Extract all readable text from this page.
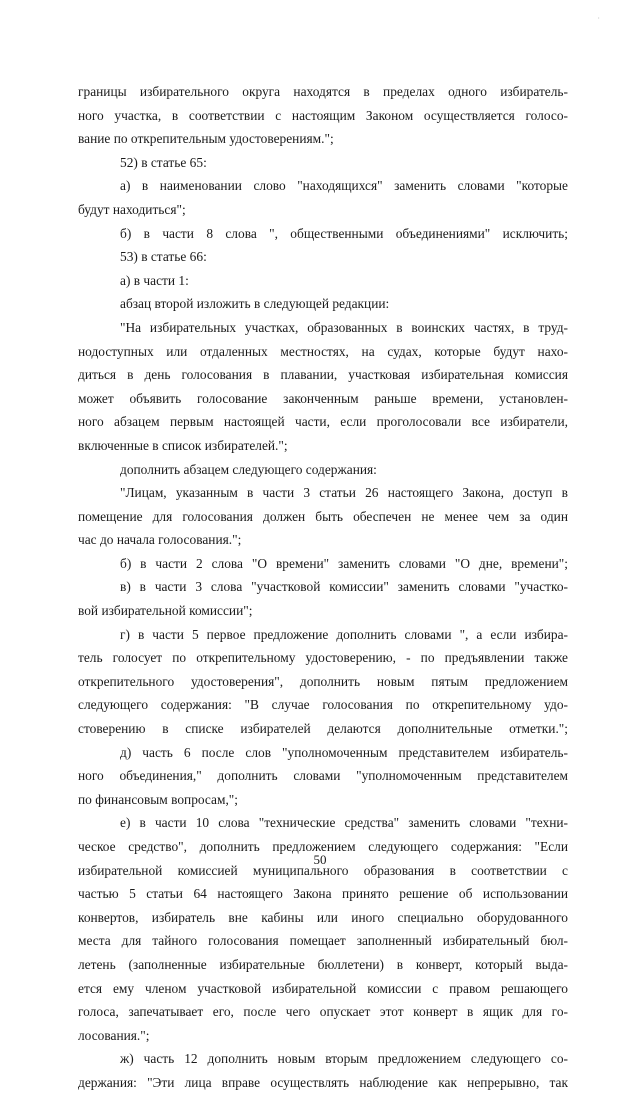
·
границы избирательного округа находятся в пределах одного избиратель-
ного участка, в соответствии с настоящим Законом осуществляется голосо-
вание по открепительным удостоверениям.";
52) в статье 65:
а) в наименовании слово "находящихся" заменить словами "которые
будут находиться";
б) в части 8 слова ", общественными объединениями" исключить;
53) в статье 66:
а) в части 1:
абзац второй изложить в следующей редакции:
"На избирательных участках, образованных в воинских частях, в труд-
нодоступных или отдаленных местностях, на судах, которые будут нахо-
диться в день голосования в плавании, участковая избирательная комиссия
может объявить голосование законченным раньше времени, установлен-
ного абзацем первым настоящей части, если проголосовали все избиратели,
включенные в список избирателей.";
дополнить абзацем следующего содержания:
"Лицам, указанным в части 3 статьи 26 настоящего Закона, доступ в
помещение для голосования должен быть обеспечен не менее чем за один
час до начала голосования.";
б) в части 2 слова "О времени" заменить словами "О дне, времени";
в) в части 3 слова "участковой комиссии" заменить словами "участко-
вой избирательной комиссии";
г) в части 5 первое предложение дополнить словами ", а если избира-
тель голосует по открепительному удостоверению, - по предъявлении также
открепительного удостоверения", дополнить новым пятым предложением
следующего содержания: "В случае голосования по открепительному удо-
стоверению в списке избирателей делаются дополнительные отметки.";
д) часть 6 после слов "уполномоченным представителем избиратель-
ного объединения," дополнить словами "уполномоченным представителем
по финансовым вопросам,";
е) в части 10 слова "технические средства" заменить словами "техни-
ческое средство", дополнить предложением следующего содержания: "Если
избирательной комиссией муниципального образования в соответствии с
частью 5 статьи 64 настоящего Закона принято решение об использовании
конвертов, избиратель вне кабины или иного специально оборудованного
места для тайного голосования помещает заполненный избирательный бюл-
летень (заполненные избирательные бюллетени) в конверт, который выда-
ется ему членом участковой избирательной комиссии с правом решающего
голоса, запечатывает его, после чего опускает этот конверт в ящик для го-
лосования.";
ж) часть 12 дополнить новым вторым предложением следующего со-
держания: "Эти лица вправе осуществлять наблюдение как непрерывно, так
50
